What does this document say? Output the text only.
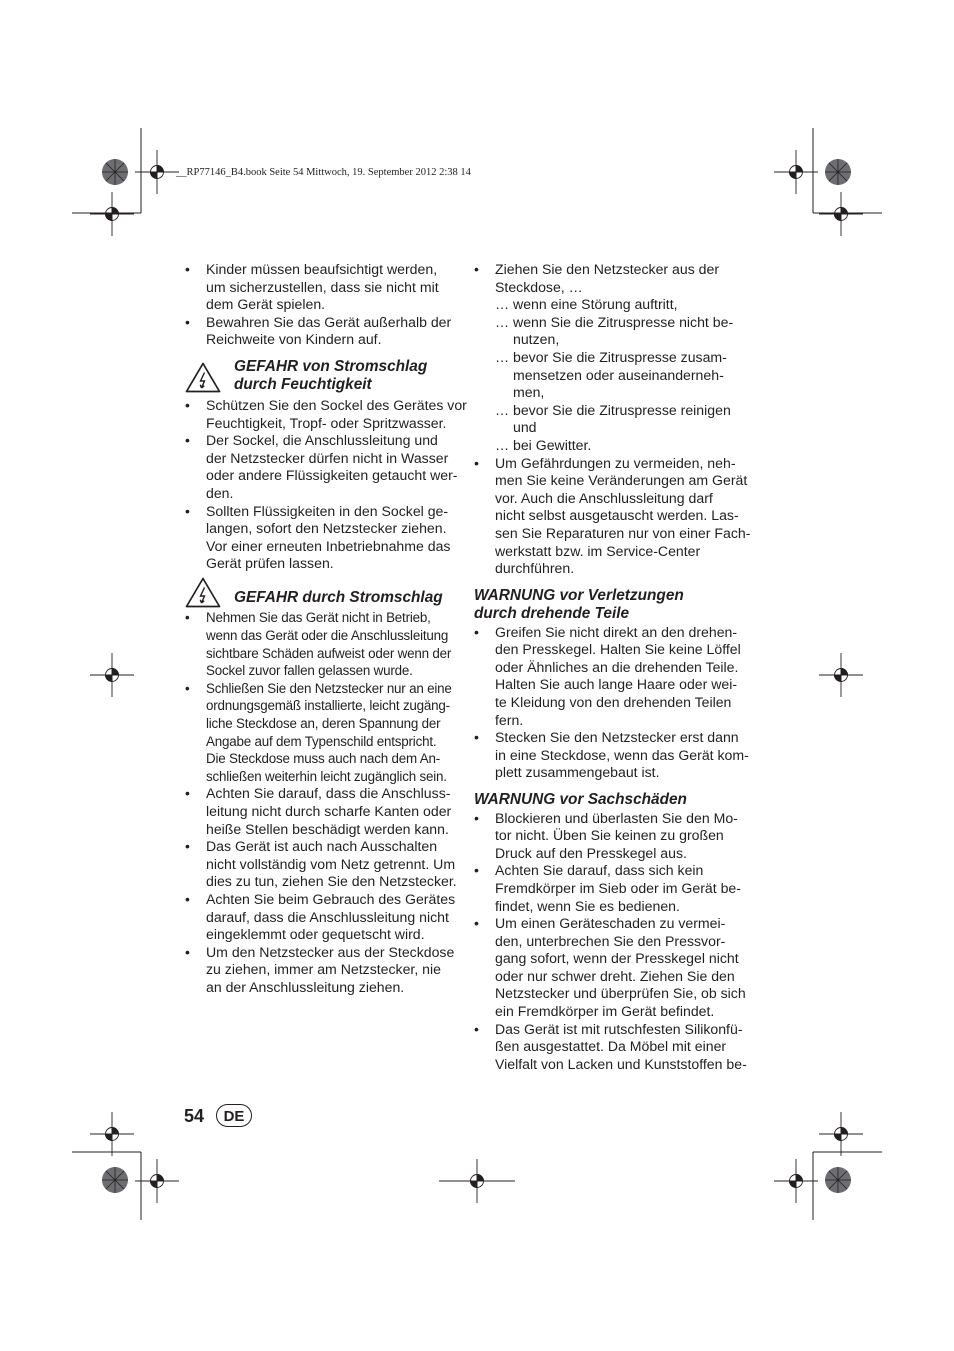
__RP77146_B4.book Seite 54 Mittwoch, 19. September 2012 2:38 14
• Kinder müssen beaufsichtigt werden,
um sicherzustellen, dass sie nicht mit
dem Gerät spielen.
• Bewahren Sie das Gerät außerhalb der
Reichweite von Kindern auf.
GEFAHR von Stromschlag
durch Feuchtigkeit
• Schützen Sie den Sockel des Gerätes vor
Feuchtigkeit, Tropf- oder Spritzwasser.
• Der Sockel, die Anschlussleitung und
der Netzstecker dürfen nicht in Wasser
oder andere Flüssigkeiten getaucht wer-
den.
• Sollten Flüssigkeiten in den Sockel ge-
langen, sofort den Netzstecker ziehen.
Vor einer erneuten Inbetriebnahme das
Gerät prüfen lassen.
GEFAHR durch Stromschlag
• Nehmen Sie das Gerät nicht in Betrieb,
wenn das Gerät oder die Anschlussleitung
sichtbare Schäden aufweist oder wenn der
Sockel zuvor fallen gelassen wurde.
• Schließen Sie den Netzstecker nur an eine
ordnungsgemäß installierte, leicht zugäng-
liche Steckdose an, deren Spannung der
Angabe auf dem Typenschild entspricht.
Die Steckdose muss auch nach dem An-
schließen weiterhin leicht zugänglich sein.
• Achten Sie darauf, dass die Anschluss-
leitung nicht durch scharfe Kanten oder
heiße Stellen beschädigt werden kann.
• Das Gerät ist auch nach Ausschalten
nicht vollständig vom Netz getrennt. Um
dies zu tun, ziehen Sie den Netzstecker.
• Achten Sie beim Gebrauch des Gerätes
darauf, dass die Anschlussleitung nicht
eingeklemmt oder gequetscht wird.
• Um den Netzstecker aus der Steckdose
zu ziehen, immer am Netzstecker, nie
an der Anschlussleitung ziehen.
• Ziehen Sie den Netzstecker aus der
Steckdose, …
… wenn eine Störung auftritt,
… wenn Sie die Zitruspresse nicht be-
nutzen,
… bevor Sie die Zitruspresse zusam-
mensetzen oder auseinanderneh-
men,
… bevor Sie die Zitruspresse reinigen
und
… bei Gewitter.
• Um Gefährdungen zu vermeiden, neh-
men Sie keine Veränderungen am Gerät
vor. Auch die Anschlussleitung darf
nicht selbst ausgetauscht werden. Las-
sen Sie Reparaturen nur von einer Fach-
werkstatt bzw. im Service-Center
durchführen.
WARNUNG vor Verletzungen
durch drehende Teile
• Greifen Sie nicht direkt an den drehen-
den Presskegel. Halten Sie keine Löffel
oder Ähnliches an die drehenden Teile.
Halten Sie auch lange Haare oder wei-
te Kleidung von den drehenden Teilen
fern.
• Stecken Sie den Netzstecker erst dann
in eine Steckdose, wenn das Gerät kom-
plett zusammengebaut ist.
WARNUNG vor Sachschäden
• Blockieren und überlasten Sie den Mo-
tor nicht. Üben Sie keinen zu großen
Druck auf den Presskegel aus.
• Achten Sie darauf, dass sich kein
Fremdkörper im Sieb oder im Gerät be-
findet, wenn Sie es bedienen.
• Um einen Geräteschaden zu vermei-
den, unterbrechen Sie den Pressvor-
gang sofort, wenn der Presskegel nicht
oder nur schwer dreht. Ziehen Sie den
Netzstecker und überprüfen Sie, ob sich
ein Fremdkörper im Gerät befindet.
• Das Gerät ist mit rutschfesten Silikonfü-
ßen ausgestattet. Da Möbel mit einer
Vielfalt von Lacken und Kunststoffen be-
54	DE
